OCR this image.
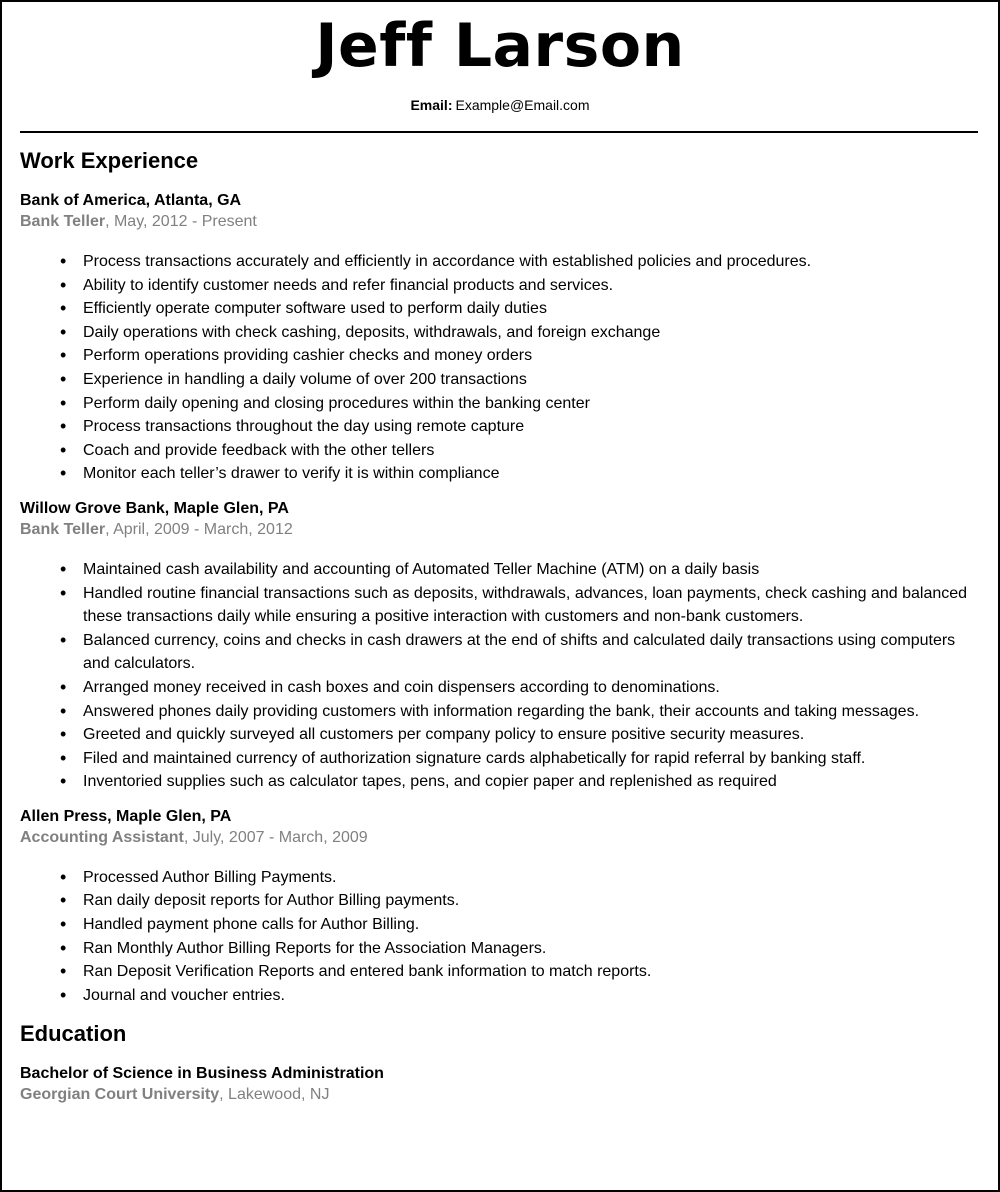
Jeff Larson
Email: Example@Email.com
Work Experience
Bank of America, Atlanta, GA
Bank Teller, May, 2012 - Present
• Process transactions accurately and efficiently in accordance with established policies and procedures.
• Ability to identify customer needs and refer financial products and services.
• Efficiently operate computer software used to perform daily duties
• Daily operations with check cashing, deposits, withdrawals, and foreign exchange
• Perform operations providing cashier checks and money orders
• Experience in handling a daily volume of over 200 transactions
• Perform daily opening and closing procedures within the banking center
• Process transactions throughout the day using remote capture
• Coach and provide feedback with the other tellers
• Monitor each teller’s drawer to verify it is within compliance
Willow Grove Bank, Maple Glen, PA
Bank Teller, April, 2009 - March, 2012
• Maintained cash availability and accounting of Automated Teller Machine (ATM) on a daily basis
• Handled routine financial transactions such as deposits, withdrawals, advances, loan payments, check cashing and balanced these transactions daily while ensuring a positive interaction with customers and non-bank customers.
• Balanced currency, coins and checks in cash drawers at the end of shifts and calculated daily transactions using computers and calculators.
• Arranged money received in cash boxes and coin dispensers according to denominations.
• Answered phones daily providing customers with information regarding the bank, their accounts and taking messages.
• Greeted and quickly surveyed all customers per company policy to ensure positive security measures.
• Filed and maintained currency of authorization signature cards alphabetically for rapid referral by banking staff.
• Inventoried supplies such as calculator tapes, pens, and copier paper and replenished as required
Allen Press, Maple Glen, PA
Accounting Assistant, July, 2007 - March, 2009
• Processed Author Billing Payments.
• Ran daily deposit reports for Author Billing payments.
• Handled payment phone calls for Author Billing.
• Ran Monthly Author Billing Reports for the Association Managers.
• Ran Deposit Verification Reports and entered bank information to match reports.
• Journal and voucher entries.
Education
Bachelor of Science in Business Administration
Georgian Court University, Lakewood, NJ
